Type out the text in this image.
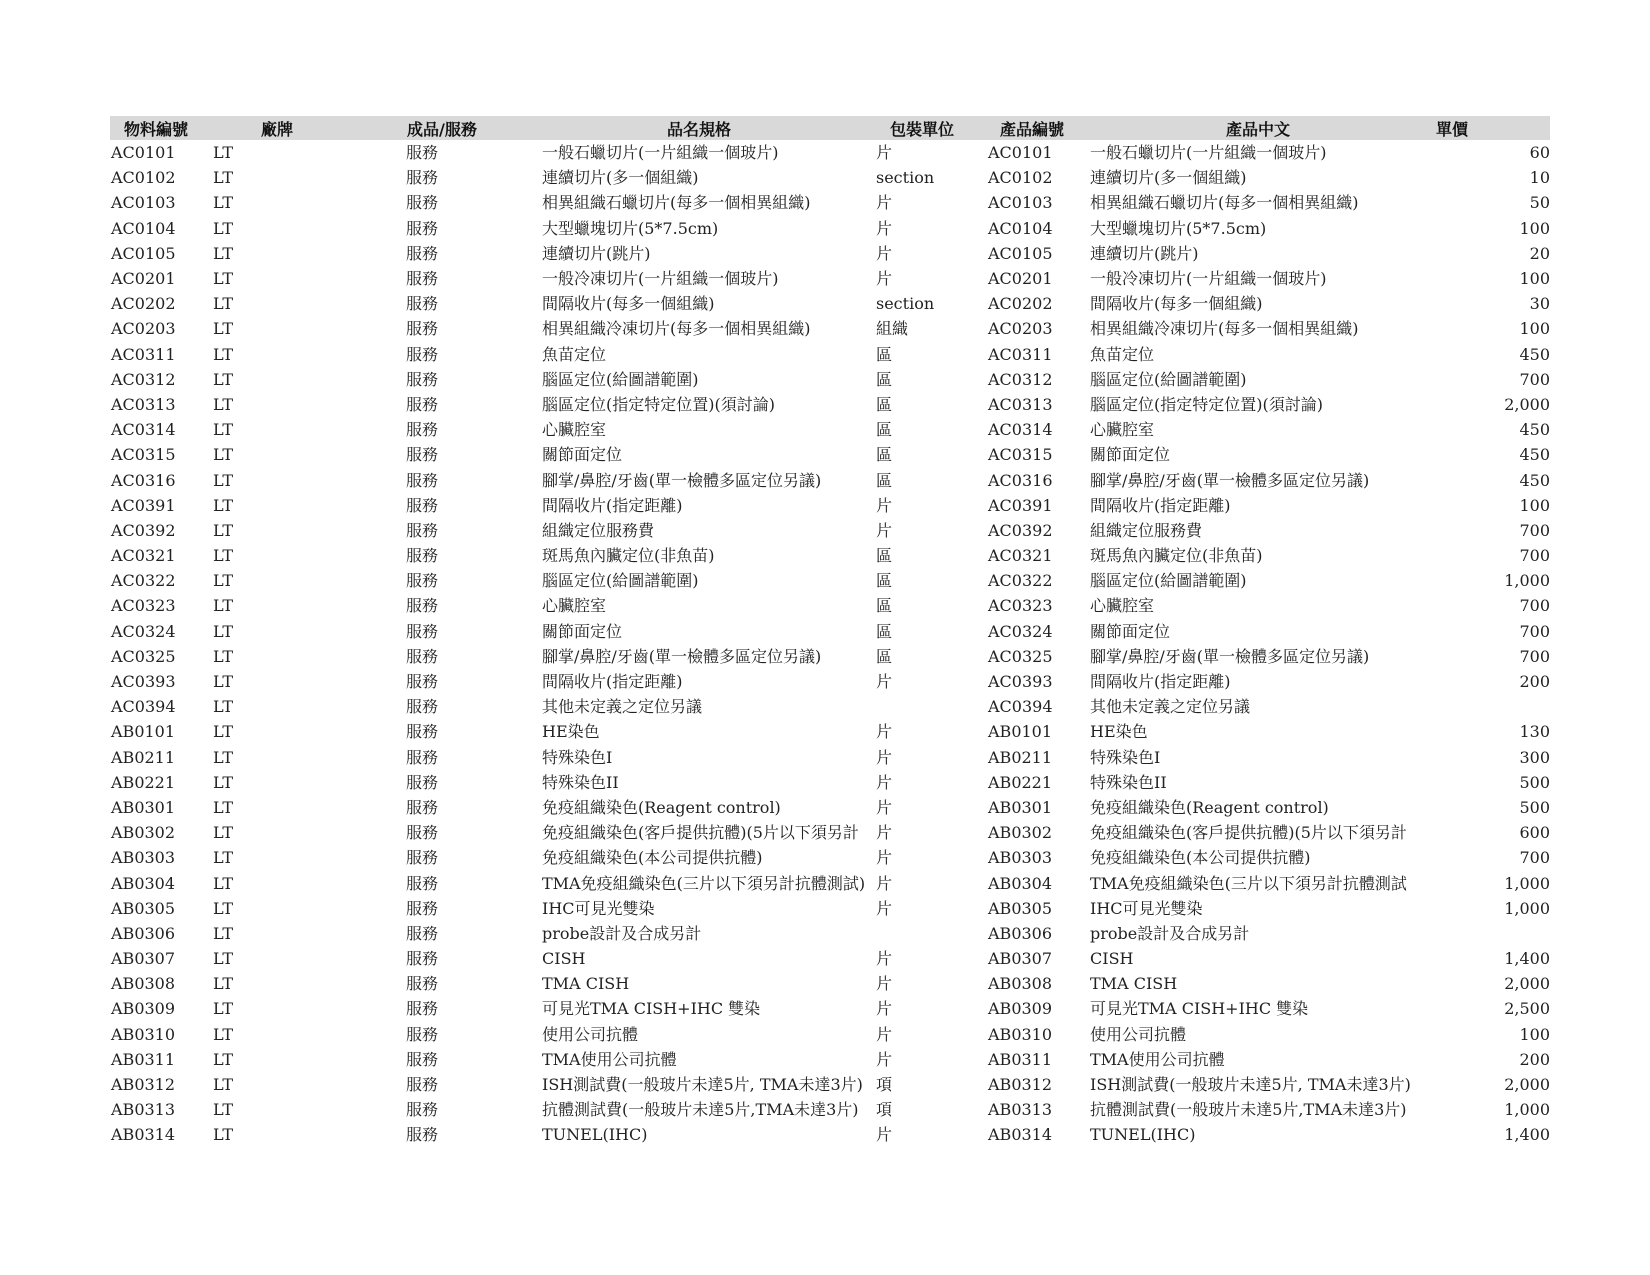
物料編號	廠牌	成品/服務	品名規格	包裝單位	產品編號	產品中文	單價
AC0101	LT	服務	一般石蠟切片(一片組織一個玻片)	片	AC0101	一般石蠟切片(一片組織一個玻片)	60
AC0102	LT	服務	連續切片(多一個組織)	section	AC0102	連續切片(多一個組織)	10
AC0103	LT	服務	相異組織石蠟切片(每多一個相異組織)	片	AC0103	相異組織石蠟切片(每多一個相異組織)	50
AC0104	LT	服務	大型蠟塊切片(5*7.5cm)	片	AC0104	大型蠟塊切片(5*7.5cm)	100
AC0105	LT	服務	連續切片(跳片)	片	AC0105	連續切片(跳片)	20
AC0201	LT	服務	一般冷凍切片(一片組織一個玻片)	片	AC0201	一般冷凍切片(一片組織一個玻片)	100
AC0202	LT	服務	間隔收片(每多一個組織)	section	AC0202	間隔收片(每多一個組織)	30
AC0203	LT	服務	相異組織冷凍切片(每多一個相異組織)	組織	AC0203	相異組織冷凍切片(每多一個相異組織)	100
AC0311	LT	服務	魚苗定位	區	AC0311	魚苗定位	450
AC0312	LT	服務	腦區定位(給圖譜範圍)	區	AC0312	腦區定位(給圖譜範圍)	700
AC0313	LT	服務	腦區定位(指定特定位置)(須討論)	區	AC0313	腦區定位(指定特定位置)(須討論)	2,000
AC0314	LT	服務	心臟腔室	區	AC0314	心臟腔室	450
AC0315	LT	服務	關節面定位	區	AC0315	關節面定位	450
AC0316	LT	服務	腳掌/鼻腔/牙齒(單一檢體多區定位另議)	區	AC0316	腳掌/鼻腔/牙齒(單一檢體多區定位另議)	450
AC0391	LT	服務	間隔收片(指定距離)	片	AC0391	間隔收片(指定距離)	100
AC0392	LT	服務	組織定位服務費	片	AC0392	組織定位服務費	700
AC0321	LT	服務	斑馬魚內臟定位(非魚苗)	區	AC0321	斑馬魚內臟定位(非魚苗)	700
AC0322	LT	服務	腦區定位(給圖譜範圍)	區	AC0322	腦區定位(給圖譜範圍)	1,000
AC0323	LT	服務	心臟腔室	區	AC0323	心臟腔室	700
AC0324	LT	服務	關節面定位	區	AC0324	關節面定位	700
AC0325	LT	服務	腳掌/鼻腔/牙齒(單一檢體多區定位另議)	區	AC0325	腳掌/鼻腔/牙齒(單一檢體多區定位另議)	700
AC0393	LT	服務	間隔收片(指定距離)	片	AC0393	間隔收片(指定距離)	200
AC0394	LT	服務	其他未定義之定位另議		AC0394	其他未定義之定位另議	
AB0101	LT	服務	HE染色	片	AB0101	HE染色	130
AB0211	LT	服務	特殊染色I	片	AB0211	特殊染色I	300
AB0221	LT	服務	特殊染色II	片	AB0221	特殊染色II	500
AB0301	LT	服務	免疫組織染色(Reagent control)	片	AB0301	免疫組織染色(Reagent control)	500
AB0302	LT	服務	免疫組織染色(客戶提供抗體)(5片以下須另計	片	AB0302	免疫組織染色(客戶提供抗體)(5片以下須另計	600
AB0303	LT	服務	免疫組織染色(本公司提供抗體)	片	AB0303	免疫組織染色(本公司提供抗體)	700
AB0304	LT	服務	TMA免疫組織染色(三片以下須另計抗體測試)	片	AB0304	TMA免疫組織染色(三片以下須另計抗體測試	1,000
AB0305	LT	服務	IHC可見光雙染	片	AB0305	IHC可見光雙染	1,000
AB0306	LT	服務	probe設計及合成另計		AB0306	probe設計及合成另計	
AB0307	LT	服務	CISH	片	AB0307	CISH	1,400
AB0308	LT	服務	TMA CISH	片	AB0308	TMA CISH	2,000
AB0309	LT	服務	可見光TMA CISH+IHC 雙染	片	AB0309	可見光TMA CISH+IHC 雙染	2,500
AB0310	LT	服務	使用公司抗體	片	AB0310	使用公司抗體	100
AB0311	LT	服務	TMA使用公司抗體	片	AB0311	TMA使用公司抗體	200
AB0312	LT	服務	ISH測試費(一般玻片未達5片, TMA未達3片)	項	AB0312	ISH測試費(一般玻片未達5片, TMA未達3片)	2,000
AB0313	LT	服務	抗體測試費(一般玻片未達5片,TMA未達3片)	項	AB0313	抗體測試費(一般玻片未達5片,TMA未達3片)	1,000
AB0314	LT	服務	TUNEL(IHC)	片	AB0314	TUNEL(IHC)	1,400
